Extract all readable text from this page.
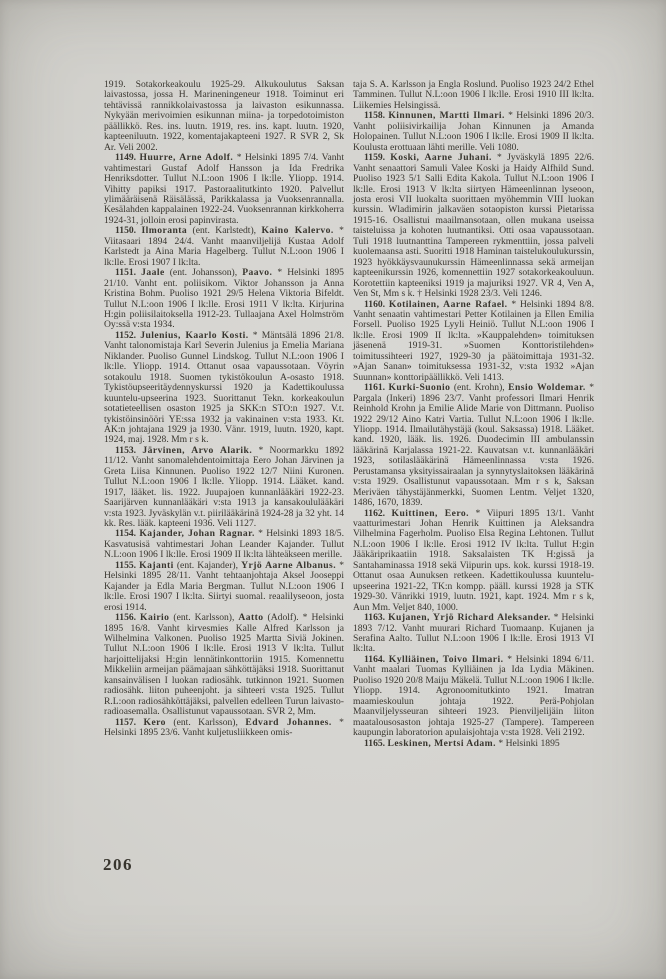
1919. Sotakorkeakoulu 1925-29. Alkukoulutus Saksan laivastossa, jossa H. Marineningeneur 1918. Toiminut eri tehtävissä rannikkolaivastossa ja laivaston esikunnassa. Nykyään merivoimien esikunnan miina- ja torpedotoimiston päällikkö. Res. ins. luutn. 1919, res. ins. kapt. luutn. 1920, kapteeniluutn. 1922, komentajakapteeni 1927. R SVR 2, Sk Ar. Veli 2002.

1149. Huurre, Arne Adolf. * Helsinki 1895 7/4. Vanht vahtimestari Gustaf Adolf Hansson ja Ida Fredrika Henriksdotter. Tullut N.L:oon 1906 I lk:lle. Yliopp. 1914. Vihitty papiksi 1917. Pastoraalitutkinto 1920. Palvellut ylimääräisenä Räisälässä, Parikkalassa ja Vuoksenrannalla. Kesälahden kappalainen 1922-24. Vuoksenrannan kirkkoherra 1924-31, jolloin erosi papinvirasta.

1150. Ilmoranta (ent. Karlstedt), Kaino Kalervo. * Viitasaari 1894 24/4. Vanht maanviljelijä Kustaa Adolf Karlstedt ja Aina Maria Hagelberg. Tullut N.L:oon 1906 I lk:lle. Erosi 1907 I lk:lta.

1151. Jaale (ent. Johansson), Paavo. * Helsinki 1895 21/10. Vanht ent. poliisikom. Viktor Johansson ja Anna Kristina Bohm. Puoliso 1921 29/5 Helena Viktoria Bifeldt. Tullut N.L:oon 1906 I lk:lle. Erosi 1911 V lk:lta. Kirjurina H:gin poliisilaitoksella 1912-23. Tullaajana Axel Holmström Oy:ssä v:sta 1934.

1152. Julenius, Kaarlo Kosti. * Mäntsälä 1896 21/8. Vanht talonomistaja Karl Severin Julenius ja Emelia Mariana Niklander. Puoliso Gunnel Lindskog. Tullut N.L:oon 1906 I lk:lle. Yliopp. 1914. Ottanut osaa vapaussotaan. Vöyrin sotakoulu 1918. Suomen tykistökoulun A-osasto 1918. Tykistöupseeritäydennyskurssi 1920 ja Kadettikoulussa kuuntelu-upseerina 1923. Suorittanut Tekn. korkeakoulun sotatieteellisen osaston 1925 ja SKK:n STO:n 1927. V.t. tykistöinsinööri YE:ssa 1932 ja vakinainen v:sta 1933. Kt. AK:n johtajana 1929 ja 1930. Vänr. 1919, luutn. 1920, kapt. 1924, maj. 1928. Mm r s k.

1153. Järvinen, Arvo Alarik. * Noormarkku 1892 11/12. Vanht sanomalehdentoimittaja Eero Johan Järvinen ja Greta Liisa Kinnunen. Puoliso 1922 12/7 Niini Kuronen. Tullut N.L:oon 1906 I lk:lle. Yliopp. 1914. Lääket. kand. 1917, lääket. lis. 1922. Juupajoen kunnanlääkäri 1922-23. Saarijärven kunnanlääkäri v:sta 1913 ja kansakoululääkäri v:sta 1923. Jyväskylän v.t. piirilääkärinä 1924-28 ja 32 yht. 14 kk. Res. lääk. kapteeni 1936. Veli 1127.

1154. Kajander, Johan Ragnar. * Helsinki 1893 18/5. Kasvatusisä vahtimestari Johan Leander Kajander. Tullut N.L:oon 1906 I lk:lle. Erosi 1909 II lk:lta lähteäkseen merille.

1155. Kajanti (ent. Kajander), Yrjö Aarne Albanus. * Helsinki 1895 28/11. Vanht tehtaanjohtaja Aksel Jooseppi Kajander ja Edla Maria Bergman. Tullut N.L:oon 1906 I lk:lle. Erosi 1907 I lk:lta. Siirtyi suomal. reaalilyseoon, josta erosi 1914.

1156. Kairio (ent. Karlsson), Aatto (Adolf). * Helsinki 1895 16/8. Vanht kirvesmies Kalle Alfred Karlsson ja Wilhelmina Valkonen. Puoliso 1925 Martta Siviä Jokinen. Tullut N.L:oon 1906 I lk:lle. Erosi 1913 V lk:lta. Tullut harjoittelijaksi H:gin lennätinkonttoriin 1915. Komennettu Mikkeliin armeijan päämajaan sähköttäjäksi 1918. Suorittanut kansainvälisen I luokan radiosähk. tutkinnon 1921. Suomen radiosähk. liiton puheenjoht. ja sihteeri v:sta 1925. Tullut R.L:oon radiosähköttäjäksi, palvellen edelleen Turun laivasto-radioasemalla. Osallistunut vapaussotaan. SVR 2, Mm.

1157. Kero (ent. Karlsson), Edvard Johannes. * Helsinki 1895 23/6. Vanht kuljetusliikkeen omis-

taja S. A. Karlsson ja Engla Roslund. Puoliso 1923 24/2 Ethel Tamminen. Tullut N.L:oon 1906 I lk:lle. Erosi 1910 III lk:lta. Liikemies Helsingissä.

1158. Kinnunen, Martti Ilmari. * Helsinki 1896 20/3. Vanht poliisivirkailija Johan Kinnunen ja Amanda Holopainen. Tullut N.L:oon 1906 I lk:lle. Erosi 1909 II lk:lta. Koulusta erottuaan lähti merille. Veli 1080.

1159. Koski, Aarne Juhani. * Jyväskylä 1895 22/6. Vanht senaattori Samuli Valee Koski ja Haidy Alfhild Sund. Puoliso 1923 5/1 Salli Edita Kakola. Tullut N.L:oon 1906 I lk:lle. Erosi 1913 V lk:lta siirtyen Hämeenlinnan lyseoon, josta erosi VII luokalta suorittaen myöhemmin VIII luokan kurssin. Wladimirin jalkaväen sotaopiston kurssi Pietarissa 1915-16. Osallistui maailmansotaan, ollen mukana useissa taisteluissa ja kohoten luutnantiksi. Otti osaa vapaussotaan. Tuli 1918 luutnanttina Tampereen rykmenttiin, jossa palveli kuolemaansa asti. Suoritti 1918 Haminan taistelukoulukurssin, 1923 hyökkäysvaunukurssin Hämeenlinnassa sekä armeijan kapteenikurssin 1926, komennettiin 1927 sotakorkeakouluun. Korotettiin kapteeniksi 1919 ja majuriksi 1927. VR 4, Ven A, Ven St, Mm s k. † Helsinki 1928 23/3. Veli 1246.

1160. Kotilainen, Aarne Rafael. * Helsinki 1894 8/8. Vanht senaatin vahtimestari Petter Kotilainen ja Ellen Emilia Forsell. Puoliso 1925 Lyyli Heiniö. Tullut N.L:oon 1906 I lk:lle. Erosi 1909 II lk:lta. »Kauppalehden» toimituksen jäsenenä 1919-31. »Suomen Konttoristilehden» toimitussihteeri 1927, 1929-30 ja päätoimittaja 1931-32. »Ajan Sanan» toimituksessa 1931-32, v:sta 1932 »Ajan Suunnan» konttoripäällikkö. Veli 1413.

1161. Kurki-Suonio (ent. Krohn), Ensio Woldemar. * Pargala (Inkeri) 1896 23/7. Vanht professori Ilmari Henrik Reinhold Krohn ja Emilie Alide Marie von Dittmann. Puoliso 1922 29/12 Aino Katri Vartia. Tullut N.L:oon 1906 I lk:lle. Yliopp. 1914. Ilmailutähystäjä (koul. Saksassa) 1918. Lääket. kand. 1920, lääk. lis. 1926. Duodecimin III ambulanssin lääkärinä Karjalassa 1921-22. Kauvatsan v.t. kunnanlääkäri 1923, sotilaslääkärinä Hämeenlinnassa v:sta 1926. Perustamansa yksityissairaalan ja synnytyslaitoksen lääkärinä v:sta 1929. Osallistunut vapaussotaan. Mm r s k, Saksan Meriväen tähystäjänmerkki, Suomen Lentm. Veljet 1320, 1486, 1670, 1839.

1162. Kuittinen, Eero. * Viipuri 1895 13/1. Vanht vaatturimestari Johan Henrik Kuittinen ja Aleksandra Vilhelmina Fagerholm. Puoliso Elsa Regina Lehtonen. Tullut N.L:oon 1906 I lk:lle. Erosi 1912 IV lk:lta. Tullut H:gin Jääkäriprikaatiin 1918. Saksalaisten TK H:gissä ja Santahaminassa 1918 sekä Viipurin ups. kok. kurssi 1918-19. Ottanut osaa Aunuksen retkeen. Kadettikoulussa kuuntelu-upseerina 1921-22, TK:n kompp. pääll. kurssi 1928 ja STK 1929-30. Vänrikki 1919, luutn. 1921, kapt. 1924. Mm r s k, Aun Mm. Veljet 840, 1000.

1163. Kujanen, Yrjö Richard Aleksander. * Helsinki 1893 7/12. Vanht muurari Richard Tuomaanp. Kujanen ja Serafina Aalto. Tullut N.L:oon 1906 I lk:lle. Erosi 1913 VI lk:lta.

1164. Kylliäinen, Toivo Ilmari. * Helsinki 1894 6/11. Vanht maalari Tuomas Kylliäinen ja Ida Lydia Mäkinen. Puoliso 1920 20/8 Maiju Mäkelä. Tullut N.L:oon 1906 I lk:lle. Yliopp. 1914. Agronoomitutkinto 1921. Imatran maamieskoulun johtaja 1922. Perä-Pohjolan Maanviljelysseuran sihteeri 1923. Pienviljelijäin liiton maatalousosaston johtaja 1925-27 (Tampere). Tampereen kaupungin laboratorion apulaisjohtaja v:sta 1928. Veli 2192.

1165. Leskinen, Mertsi Adam. * Helsinki 1895

206
